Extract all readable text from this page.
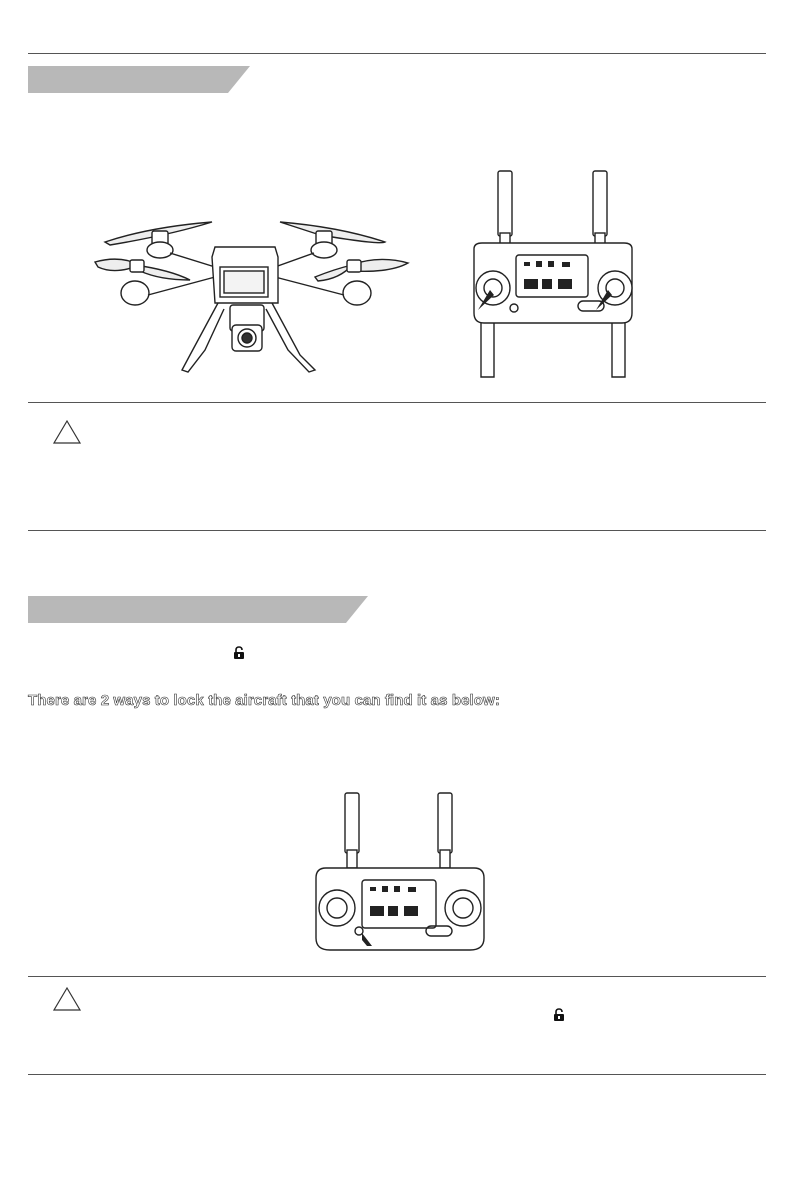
There are 2 ways to lock the aircraft that you can find it as below:
